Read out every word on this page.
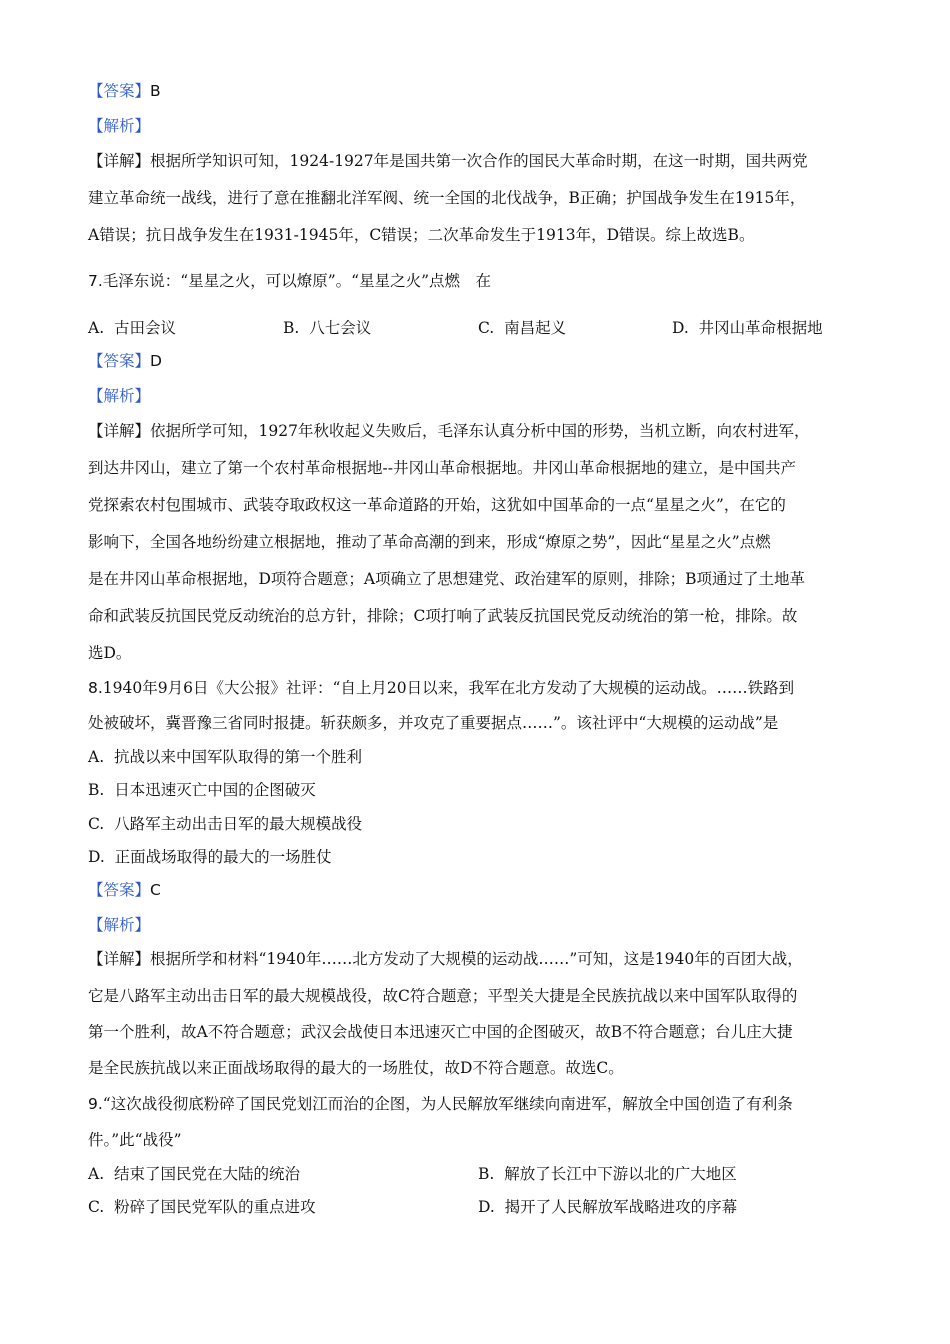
【答案】B
【解析】
【详解】根据所学知识可知，1924-1927年是国共第一次合作的国民大革命时期，在这一时期，国共两党
建立革命统一战线，进行了意在推翻北洋军阀、统一全国的北伐战争，B正确；护国战争发生在1915年，
A错误；抗日战争发生在1931-1945年，C错误；二次革命发生于1913年，D错误。综上故选B。
7.毛泽东说：“星星之火，可以燎原”。“星星之火”点燃　在
A. 古田会议	B. 八七会议	C. 南昌起义	D. 井冈山革命根据地
【答案】D
【解析】
【详解】依据所学可知，1927年秋收起义失败后，毛泽东认真分析中国的形势，当机立断，向农村进军，
到达井冈山，建立了第一个农村革命根据地--井冈山革命根据地。井冈山革命根据地的建立，是中国共产
党探索农村包围城市、武装夺取政权这一革命道路的开始，这犹如中国革命的一点“星星之火”，在它的
影响下，全国各地纷纷建立根据地，推动了革命高潮的到来，形成“燎原之势”，因此“星星之火”点燃
是在井冈山革命根据地，D项符合题意；A项确立了思想建党、政治建军的原则，排除；B项通过了土地革
命和武装反抗国民党反动统治的总方针，排除；C项打响了武装反抗国民党反动统治的第一枪，排除。故
选D。
8.1940年9月6日《大公报》社评：“自上月20日以来，我军在北方发动了大规模的运动战。……铁路到
处被破坏，冀晋豫三省同时报捷。斩获颇多，并攻克了重要据点……”。该社评中“大规模的运动战”是
A. 抗战以来中国军队取得的第一个胜利
B. 日本迅速灭亡中国的企图破灭
C. 八路军主动出击日军的最大规模战役
D. 正面战场取得的最大的一场胜仗
【答案】C
【解析】
【详解】根据所学和材料“1940年……北方发动了大规模的运动战……”可知，这是1940年的百团大战，
它是八路军主动出击日军的最大规模战役，故C符合题意；平型关大捷是全民族抗战以来中国军队取得的
第一个胜利，故A不符合题意；武汉会战使日本迅速灭亡中国的企图破灭，故B不符合题意；台儿庄大捷
是全民族抗战以来正面战场取得的最大的一场胜仗，故D不符合题意。故选C。
9.“这次战役彻底粉碎了国民党划江而治的企图，为人民解放军继续向南进军，解放全中国创造了有利条
件。”此“战役”
A. 结束了国民党在大陆的统治	B. 解放了长江中下游以北的广大地区
C. 粉碎了国民党军队的重点进攻	D. 揭开了人民解放军战略进攻的序幕
